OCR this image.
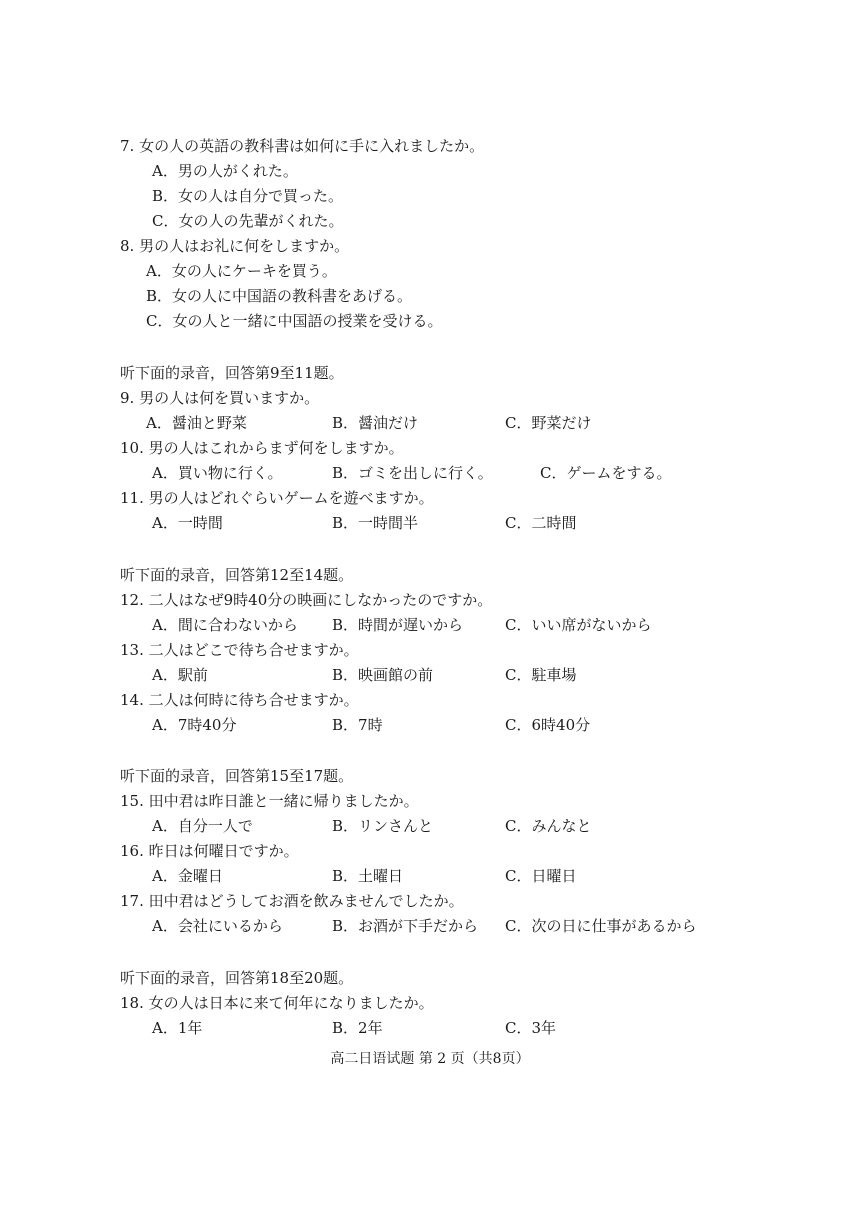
7. 女の人の英語の教科書は如何に手に入れましたか。
A．男の人がくれた。
B．女の人は自分で買った。
C．女の人の先輩がくれた。
8. 男の人はお礼に何をしますか。
A．女の人にケーキを買う。
B．女の人に中国語の教科書をあげる。
C．女の人と一緒に中国語の授業を受ける。
听下面的录音，回答第9至11题。
9. 男の人は何を買いますか。
A．醤油と野菜	B．醤油だけ	C．野菜だけ
10. 男の人はこれからまず何をしますか。
A．買い物に行く。	B．ゴミを出しに行く。	C．ゲームをする。
11. 男の人はどれぐらいゲームを遊べますか。
A．一時間	B．一時間半	C．二時間
听下面的录音，回答第12至14题。
12. 二人はなぜ9時40分の映画にしなかったのですか。
A．間に合わないから B．時間が遅いから	C．いい席がないから
13. 二人はどこで待ち合せますか。
A．駅前	B．映画館の前	C．駐車場
14. 二人は何時に待ち合せますか。
A．7時40分	B．7時	C．6時40分
听下面的录音，回答第15至17题。
15. 田中君は昨日誰と一緒に帰りましたか。
A．自分一人で	B．リンさんと	C．みんなと
16. 昨日は何曜日ですか。
A．金曜日	B．土曜日	C．日曜日
17. 田中君はどうしてお酒を飲みませんでしたか。
A．会社にいるから	B．お酒が下手だから C．次の日に仕事があるから
听下面的录音，回答第18至20题。
18. 女の人は日本に来て何年になりましたか。
A．1年	B．2年	C．3年
高二日语试题 第 2 页（共8页）
